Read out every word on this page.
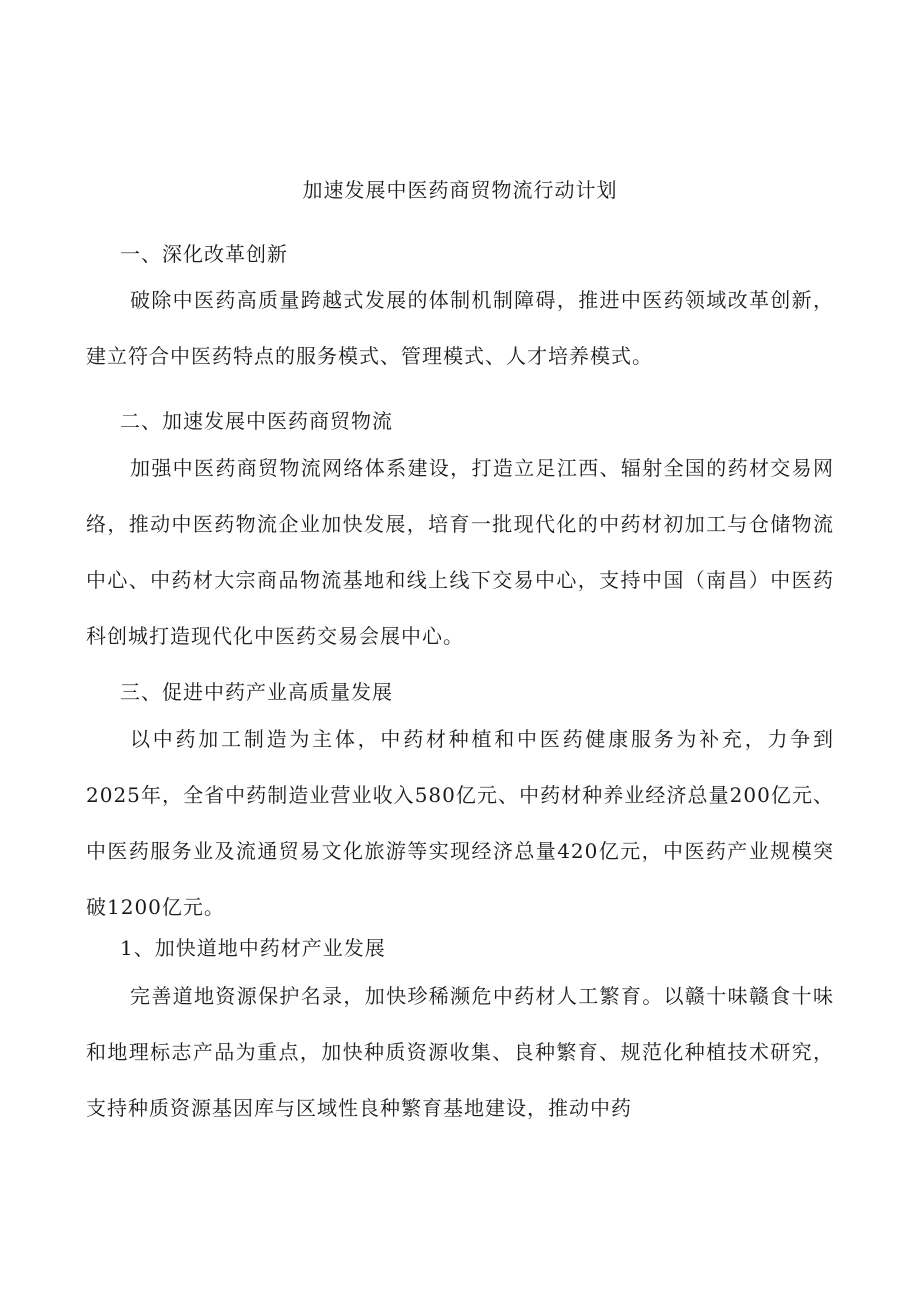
加速发展中医药商贸物流行动计划
一、深化改革创新

破除中医药高质量跨越式发展的体制机制障碍，推进中医药领域改革创新，建立符合中医药特点的服务模式、管理模式、人才培养模式。

二、加速发展中医药商贸物流

加强中医药商贸物流网络体系建设，打造立足江西、辐射全国的药材交易网络，推动中医药物流企业加快发展，培育一批现代化的中药材初加工与仓储物流中心、中药材大宗商品物流基地和线上线下交易中心，支持中国（南昌）中医药科创城打造现代化中医药交易会展中心。

三、促进中药产业高质量发展

以中药加工制造为主体，中药材种植和中医药健康服务为补充，力争到2025年，全省中药制造业营业收入580亿元、中药材种养业经济总量200亿元、中医药服务业及流通贸易文化旅游等实现经济总量420亿元，中医药产业规模突破1200亿元。

1、加快道地中药材产业发展

完善道地资源保护名录，加快珍稀濒危中药材人工繁育。以赣十味赣食十味和地理标志产品为重点，加快种质资源收集、良种繁育、规范化种植技术研究，支持种质资源基因库与区域性良种繁育基地建设，推动中药
